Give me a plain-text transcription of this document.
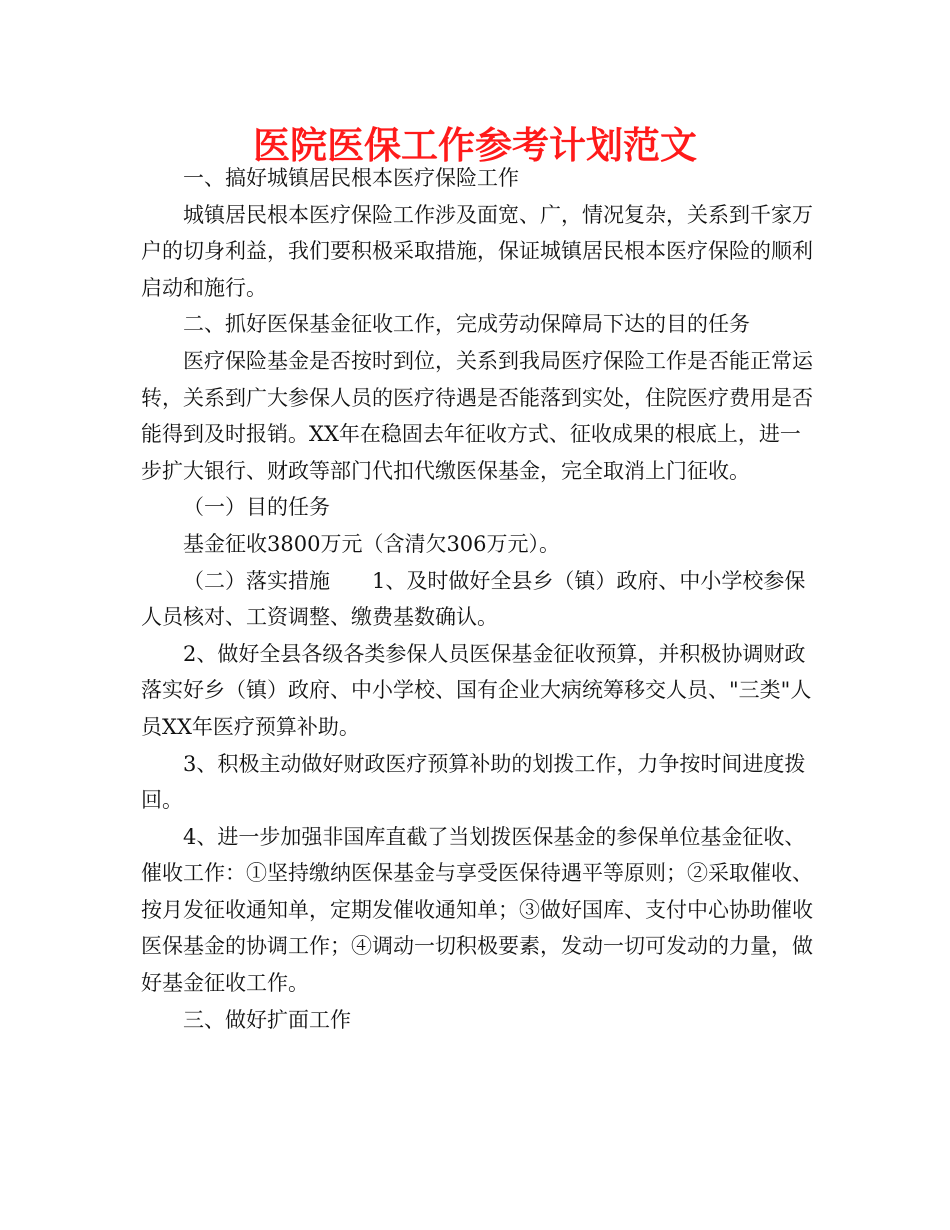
医院医保工作参考计划范文

一、搞好城镇居民根本医疗保险工作

城镇居民根本医疗保险工作涉及面宽、广，情况复杂，关系到千家万户的切身利益，我们要积极采取措施，保证城镇居民根本医疗保险的顺利启动和施行。

二、抓好医保基金征收工作，完成劳动保障局下达的目的任务

医疗保险基金是否按时到位，关系到我局医疗保险工作是否能正常运转，关系到广大参保人员的医疗待遇是否能落到实处，住院医疗费用是否能得到及时报销。XX年在稳固去年征收方式、征收成果的根底上，进一步扩大银行、财政等部门代扣代缴医保基金，完全取消上门征收。

（一）目的任务

基金征收3800万元（含清欠306万元）。

（二）落实措施　　1、及时做好全县乡（镇）政府、中小学校参保人员核对、工资调整、缴费基数确认。

2、做好全县各级各类参保人员医保基金征收预算，并积极协调财政落实好乡（镇）政府、中小学校、国有企业大病统筹移交人员、"三类"人员XX年医疗预算补助。

3、积极主动做好财政医疗预算补助的划拨工作，力争按时间进度拨回。

4、进一步加强非国库直截了当划拨医保基金的参保单位基金征收、催收工作：①坚持缴纳医保基金与享受医保待遇平等原则；②采取催收、按月发征收通知单，定期发催收通知单；③做好国库、支付中心协助催收医保基金的协调工作；④调动一切积极要素，发动一切可发动的力量，做好基金征收工作。

三、做好扩面工作
